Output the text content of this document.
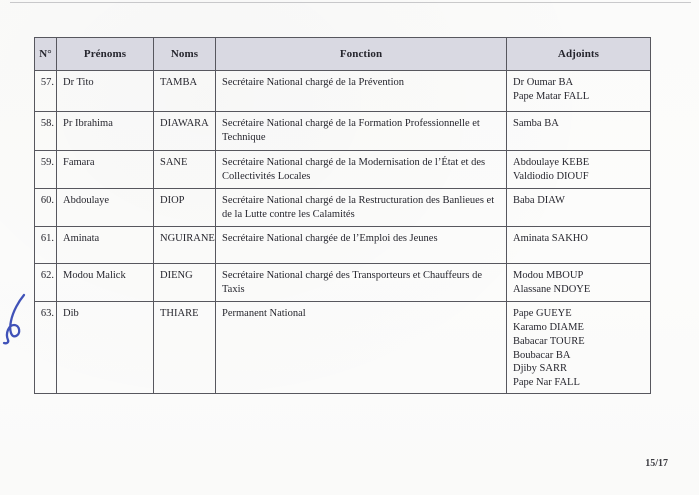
N°	Prénoms	Noms	Fonction	Adjoints
57.	Dr Tito	TAMBA	Secrétaire National chargé de la Prévention	Dr Oumar BA
Pape Matar FALL

58.	Pr Ibrahima	DIAWARA	Secrétaire National chargé de la Formation Professionnelle et Technique	Samba BA

59.	Famara	SANE	Secrétaire National chargé de la Modernisation de l’État et des Collectivités Locales	Abdoulaye KEBE
Valdiodio DIOUF

60.	Abdoulaye	DIOP	Secrétaire National chargé de la Restructuration des Banlieues et de la Lutte contre les Calamités	Baba DIAW

61.	Aminata	NGUIRANE	Secrétaire National chargée de l’Emploi des Jeunes	Aminata SAKHO

62.	Modou Malick	DIENG	Secrétaire National chargé des Transporteurs et Chauffeurs de Taxis	Modou MBOUP
Alassane NDOYE

63.	Dib	THIARE	Permanent National	Pape GUEYE
Karamo DIAME
Babacar TOURE
Boubacar BA
Djiby SARR
Pape Nar FALL
15/17
